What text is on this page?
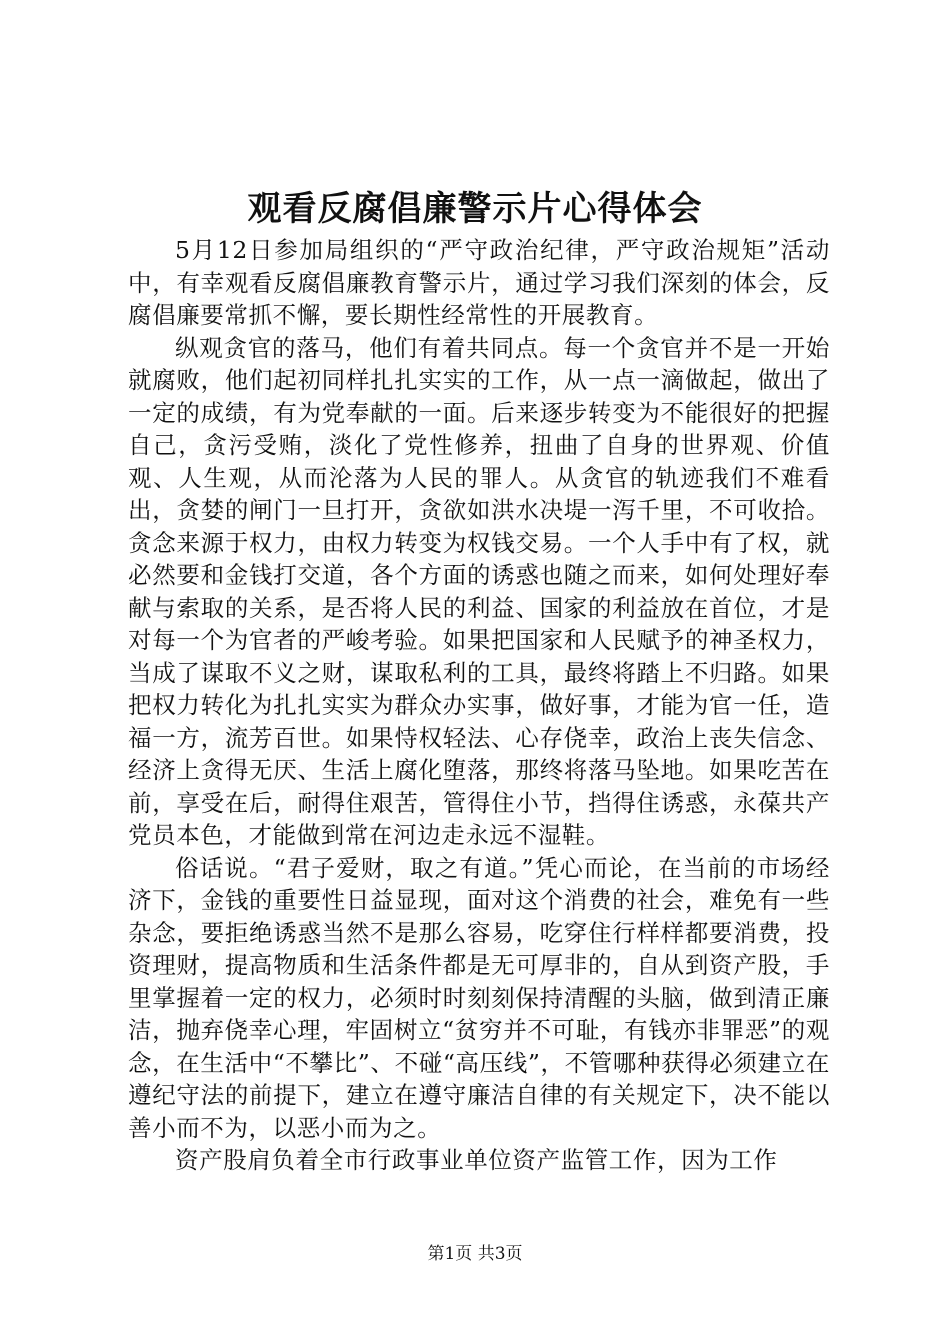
观看反腐倡廉警示片心得体会

5月12日参加局组织的“严守政治纪律，严守政治规矩”活动中，有幸观看反腐倡廉教育警示片，通过学习我们深刻的体会，反腐倡廉要常抓不懈，要长期性经常性的开展教育。

纵观贪官的落马，他们有着共同点。每一个贪官并不是一开始就腐败，他们起初同样扎扎实实的工作，从一点一滴做起，做出了一定的成绩，有为党奉献的一面。后来逐步转变为不能很好的把握自己，贪污受贿，淡化了党性修养，扭曲了自身的世界观、价值观、人生观，从而沦落为人民的罪人。从贪官的轨迹我们不难看出，贪婪的闸门一旦打开，贪欲如洪水决堤一泻千里，不可收拾。贪念来源于权力，由权力转变为权钱交易。一个人手中有了权，就必然要和金钱打交道，各个方面的诱惑也随之而来，如何处理好奉献与索取的关系，是否将人民的利益、国家的利益放在首位，才是对每一个为官者的严峻考验。如果把国家和人民赋予的神圣权力，当成了谋取不义之财，谋取私利的工具，最终将踏上不归路。如果把权力转化为扎扎实实为群众办实事，做好事，才能为官一任，造福一方，流芳百世。如果恃权轻法、心存侥幸，政治上丧失信念、经济上贪得无厌、生活上腐化堕落，那终将落马坠地。如果吃苦在前，享受在后，耐得住艰苦，管得住小节，挡得住诱惑，永葆共产党员本色，才能做到常在河边走永远不湿鞋。

俗话说。“君子爱财，取之有道。”凭心而论，在当前的市场经济下，金钱的重要性日益显现，面对这个消费的社会，难免有一些杂念，要拒绝诱惑当然不是那么容易，吃穿住行样样都要消费，投资理财，提高物质和生活条件都是无可厚非的，自从到资产股，手里掌握着一定的权力，必须时时刻刻保持清醒的头脑，做到清正廉洁，抛弃侥幸心理，牢固树立“贫穷并不可耻，有钱亦非罪恶”的观念，在生活中“不攀比”、不碰“高压线”，不管哪种获得必须建立在遵纪守法的前提下，建立在遵守廉洁自律的有关规定下，决不能以善小而不为，以恶小而为之。

资产股肩负着全市行政事业单位资产监管工作，因为工作

第1页 共3页
